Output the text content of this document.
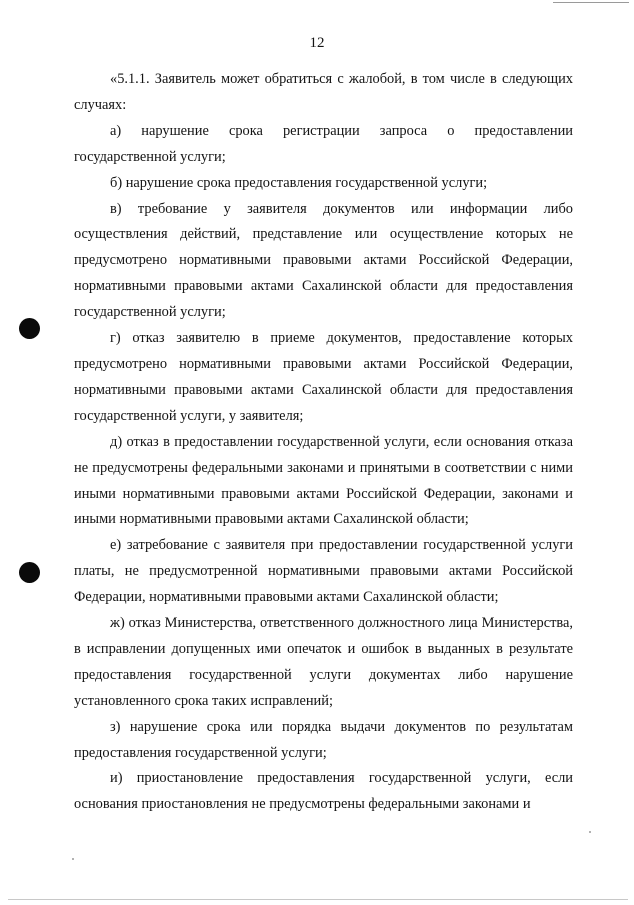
12

«5.1.1. Заявитель может обратиться с жалобой, в том числе в следующих случаях:

а) нарушение срока регистрации запроса о предоставлении государственной услуги;

б) нарушение срока предоставления государственной услуги;

в) требование у заявителя документов или информации либо осуществления действий, представление или осуществление которых не предусмотрено нормативными правовыми актами Российской Федерации, нормативными правовыми актами Сахалинской области для предоставления государственной услуги;

г) отказ заявителю в приеме документов, предоставление которых предусмотрено нормативными правовыми актами Российской Федерации, нормативными правовыми актами Сахалинской области для предоставления государственной услуги, у заявителя;

д) отказ в предоставлении государственной услуги, если основания отказа не предусмотрены федеральными законами и принятыми в соответствии с ними иными нормативными правовыми актами Российской Федерации, законами и иными нормативными правовыми актами Сахалинской области;

е) затребование с заявителя при предоставлении государственной услуги платы, не предусмотренной нормативными правовыми актами Российской Федерации, нормативными правовыми актами Сахалинской области;

ж) отказ Министерства, ответственного должностного лица Министерства, в исправлении допущенных ими опечаток и ошибок в выданных в результате предоставления государственной услуги документах либо нарушение установленного срока таких исправлений;

з) нарушение срока или порядка выдачи документов по результатам предоставления государственной услуги;

и) приостановление предоставления государственной услуги, если основания приостановления не предусмотрены федеральными законами и
